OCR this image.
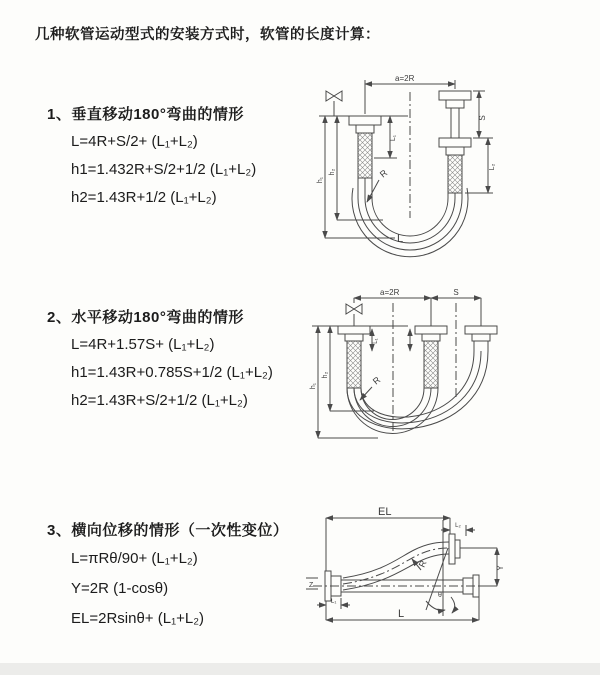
几种软管运动型式的安装方式时，软管的长度计算：
1、垂直移动180°弯曲的情形
L=4R+S/2+ (L₁+L₂)
h1=1.432R+S/2+1/2 (L₁+L₂)
h2=1.43R+1/2 (L₁+L₂)
2、水平移动180°弯曲的情形
L=4R+1.57S+ (L₁+L₂)
h1=1.43R+0.785S+1/2 (L₁+L₂)
h2=1.43R+S/2+1/2 (L₁+L₂)
3、横向位移的情形（一次性变位）
L=πRθ/90+ (L₁+L₂)
Y=2R (1-cosθ)
EL=2Rsinθ+ (L₁+L₂)
a=2R
S
L₂
h₁
h₂
L₁
R
L
a=2R	S
h₁
h₂
L₁
R
EL
L₂
Y
R
θ
L
L₁
Z
